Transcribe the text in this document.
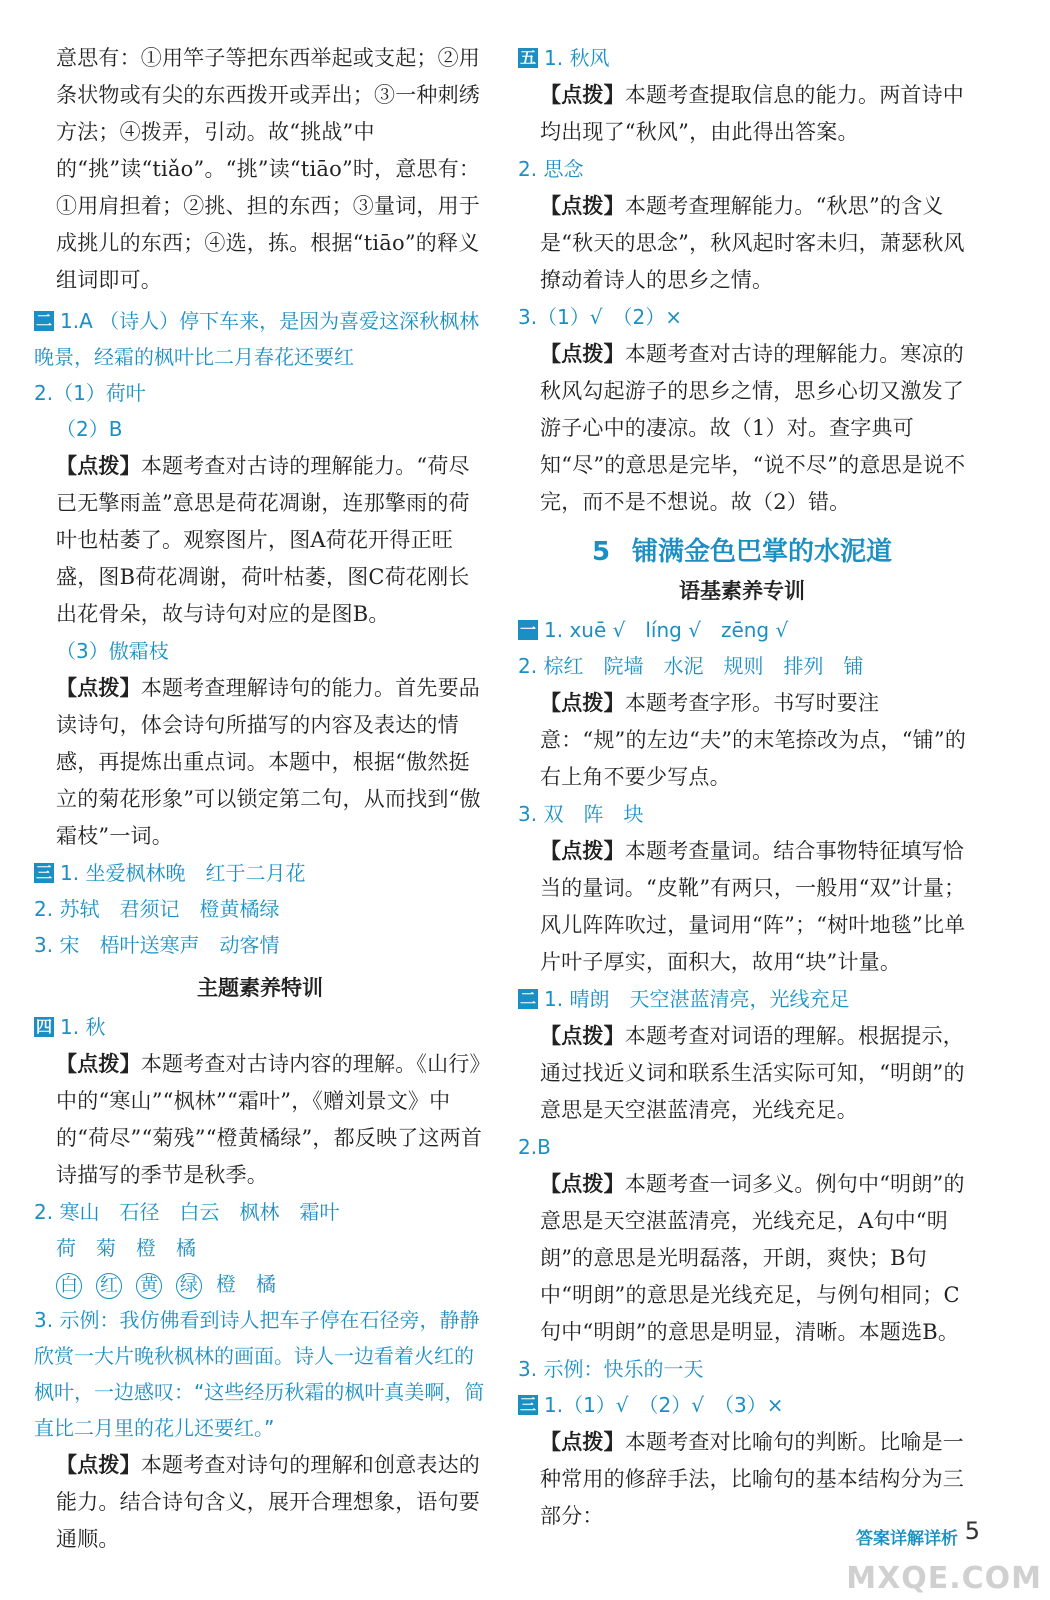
意思有：①用竿子等把东西举起或支起；②用条状物或有尖的东西拨开或弄出；③一种刺绣方法；④拨弄，引动。故“挑战”中的“挑”读“tiǎo”。“挑”读“tiāo”时，意思有：①用肩担着；②挑、担的东西；③量词，用于成挑儿的东西；④选，拣。根据“tiāo”的释义组词即可。

二 1.A （诗人）停下车来，是因为喜爱这深秋枫林晚景，经霜的枫叶比二月春花还要红

2.（1）荷叶

（2）B

【点拨】本题考查对古诗的理解能力。“荷尽已无擎雨盖”意思是荷花凋谢，连那擎雨的荷叶也枯萎了。观察图片，图A荷花开得正旺盛，图B荷花凋谢，荷叶枯萎，图C荷花刚长出花骨朵，故与诗句对应的是图B。

（3）傲霜枝

【点拨】本题考查理解诗句的能力。首先要品读诗句，体会诗句所描写的内容及表达的情感，再提炼出重点词。本题中，根据“傲然挺立的菊花形象”可以锁定第二句，从而找到“傲霜枝”一词。

三 1. 坐爱枫林晚　红于二月花

2. 苏轼　君须记　橙黄橘绿

3. 宋　梧叶送寒声　动客情

主题素养特训

四 1. 秋

【点拨】本题考查对古诗内容的理解。《山行》中的“寒山”“枫林”“霜叶”，《赠刘景文》中的“荷尽”“菊残”“橙黄橘绿”，都反映了这两首诗描写的季节是秋季。

2. 寒山　石径　白云　枫林　霜叶

荷　菊　橙　橘

白 红 黄 绿 橙　橘

3. 示例：我仿佛看到诗人把车子停在石径旁，静静欣赏一大片晚秋枫林的画面。诗人一边看着火红的枫叶，一边感叹：“这些经历秋霜的枫叶真美啊，简直比二月里的花儿还要红。”

【点拨】本题考查对诗句的理解和创意表达的能力。结合诗句含义，展开合理想象，语句要通顺。

五 1. 秋风

【点拨】本题考查提取信息的能力。两首诗中均出现了“秋风”，由此得出答案。

2. 思念

【点拨】本题考查理解能力。“秋思”的含义是“秋天的思念”，秋风起时客未归，萧瑟秋风撩动着诗人的思乡之情。

3.（1）√　（2）×

【点拨】本题考查对古诗的理解能力。寒凉的秋风勾起游子的思乡之情，思乡心切又激发了游子心中的凄凉。故（1）对。查字典可知“尽”的意思是完毕，“说不尽”的意思是说不完，而不是不想说。故（2）错。

5 铺满金色巴掌的水泥道

语基素养专训

一 1. xuē √　líng √　zēng √

2. 棕红　院墙　水泥　规则　排列　铺

【点拨】本题考查字形。书写时要注意：“规”的左边“夫”的末笔捺改为点，“铺”的右上角不要少写点。

3. 双　阵　块

【点拨】本题考查量词。结合事物特征填写恰当的量词。“皮靴”有两只，一般用“双”计量；风儿阵阵吹过，量词用“阵”；“树叶地毯”比单片叶子厚实，面积大，故用“块”计量。

二 1. 晴朗　天空湛蓝清亮，光线充足

【点拨】本题考查对词语的理解。根据提示，通过找近义词和联系生活实际可知，“明朗”的意思是天空湛蓝清亮，光线充足。

2.B

【点拨】本题考查一词多义。例句中“明朗”的意思是天空湛蓝清亮，光线充足，A句中“明朗”的意思是光明磊落，开朗，爽快；B句中“明朗”的意思是光线充足，与例句相同；C句中“明朗”的意思是明显，清晰。本题选B。

3. 示例：快乐的一天

三 1.（1）√　（2）√　（3）×

【点拨】本题考查对比喻句的判断。比喻是一种常用的修辞手法，比喻句的基本结构分为三部分：

答案详解详析 5
MXQE.COM
